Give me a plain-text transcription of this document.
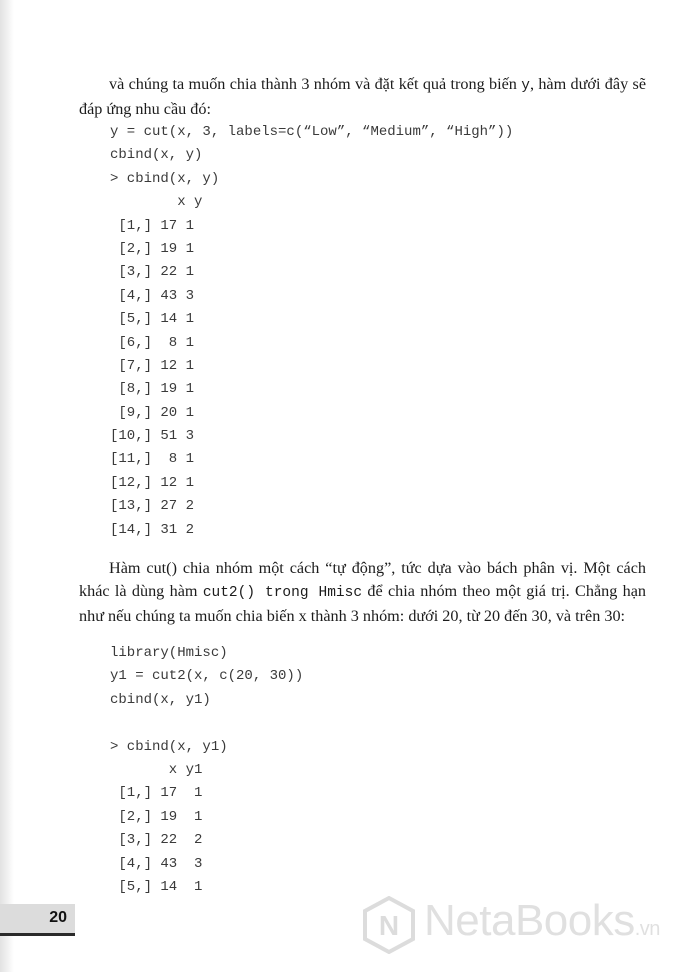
và chúng ta muốn chia thành 3 nhóm và đặt kết quả trong biến y, hàm dưới đây sẽ đáp ứng nhu cầu đó:

y = cut(x, 3, labels=c(“Low”, “Medium”, “High”))
cbind(x, y)
> cbind(x, y)
x y
[1,] 17 1
[2,] 19 1
[3,] 22 1
[4,] 43 3
[5,] 14 1
[6,]  8 1
[7,] 12 1
[8,] 19 1
[9,] 20 1
[10,] 51 3
[11,]  8 1
[12,] 12 1
[13,] 27 2
[14,] 31 2

Hàm cut() chia nhóm một cách “tự động”, tức dựa vào bách phân vị. Một cách khác là dùng hàm cut2() trong Hmisc để chia nhóm theo một giá trị. Chẳng hạn như nếu chúng ta muốn chia biến x thành 3 nhóm: dưới 20, từ 20 đến 30, và trên 30:

library(Hmisc)
y1 = cut2(x, c(20, 30))
cbind(x, y1)
> cbind(x, y1)
x y1
[1,] 17  1
[2,] 19  1
[3,] 22  2
[4,] 43  3
[5,] 14  1
20	N NetaBooks.vn
